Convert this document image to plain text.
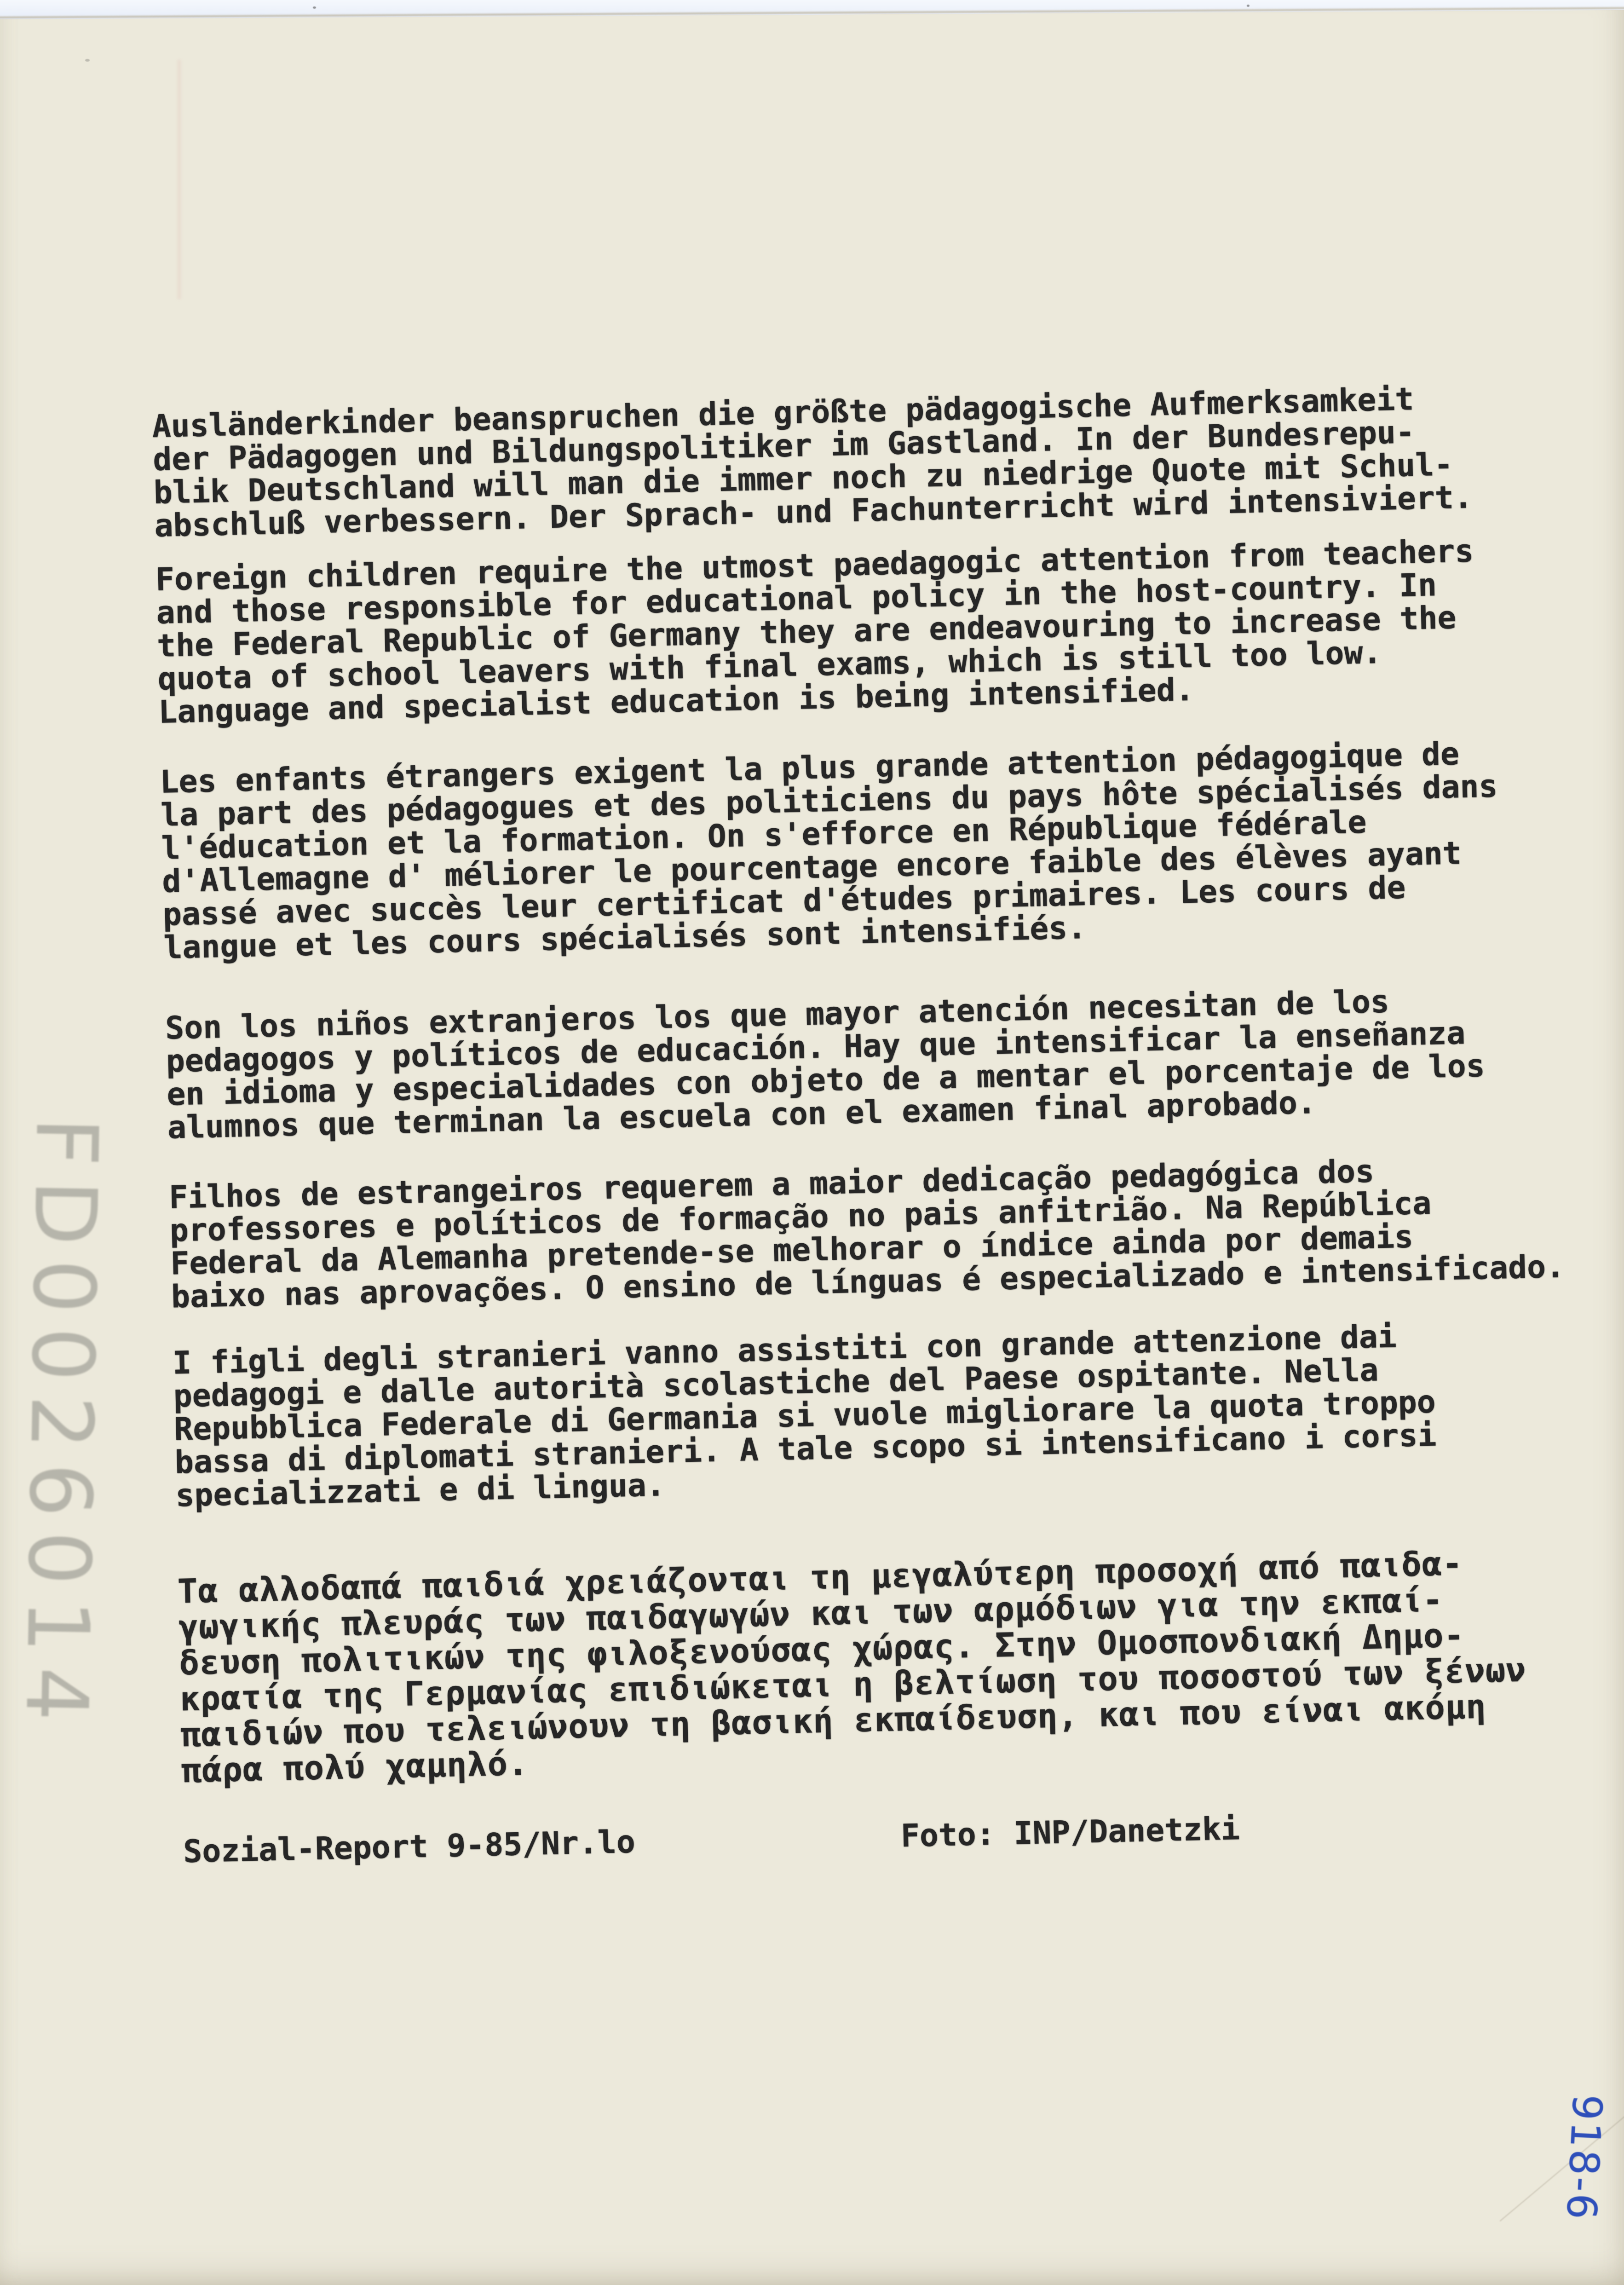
Ausländerkinder beanspruchen die größte pädagogische Aufmerksamkeit
der Pädagogen und Bildungspolitiker im Gastland. In der Bundesrepu-
blik Deutschland will man die immer noch zu niedrige Quote mit Schul-
abschluß verbessern. Der Sprach- und Fachunterricht wird intensiviert.
Foreign children require the utmost paedagogic attention from teachers
and those responsible for educational policy in the host-country. In
the Federal Republic of Germany they are endeavouring to increase the
quota of school leavers with final exams, which is still too low.
Language and specialist education is being intensified.
Les enfants étrangers exigent la plus grande attention pédagogique de
la part des pédagogues et des politiciens du pays hôte spécialisés dans
l'éducation et la formation. On s'efforce en République fédérale
d'Allemagne d' méliorer le pourcentage encore faible des élèves ayant
passé avec succès leur certificat d'études primaires. Les cours de
langue et les cours spécialisés sont intensifiés.
Son los niños extranjeros los que mayor atención necesitan de los
pedagogos y políticos de educación. Hay que intensificar la enseñanza
en idioma y especialidades con objeto de a mentar el porcentaje de los
alumnos que terminan la escuela con el examen final aprobado.
Filhos de estrangeiros requerem a maior dedicação pedagógica dos
professores e políticos de formação no pais anfitrião. Na República
Federal da Alemanha pretende-se melhorar o índice ainda por demais
baixo nas aprovações. O ensino de línguas é especializado e intensificado.
I figli degli stranieri vanno assistiti con grande attenzione dai
pedagogi e dalle autorità scolastiche del Paese ospitante. Nella
Repubblica Federale di Germania si vuole migliorare la quota troppo
bassa di diplomati stranieri. A tale scopo si intensificano i corsi
specializzati e di lingua.
Τα αλλοδαπά παιδιά χρειάζονται τη μεγαλύτερη προσοχή από παιδα-
γωγικής πλευράς των παιδαγωγών και των αρμόδιων για την εκπαί-
δευση πολιτικών της φιλοξενούσας χώρας. Στην Ομοσπονδιακή Δημο-
κρατία της Γερμανίας επιδιώκεται η βελτίωση του ποσοστού των ξένων
παιδιών που τελειώνουν τη βασική εκπαίδευση, και που είναι ακόμη
πάρα πολύ χαμηλό.
Sozial-Report 9-85/Nr.lo	Foto: INP/Danetzki
FD0026014
918-6
